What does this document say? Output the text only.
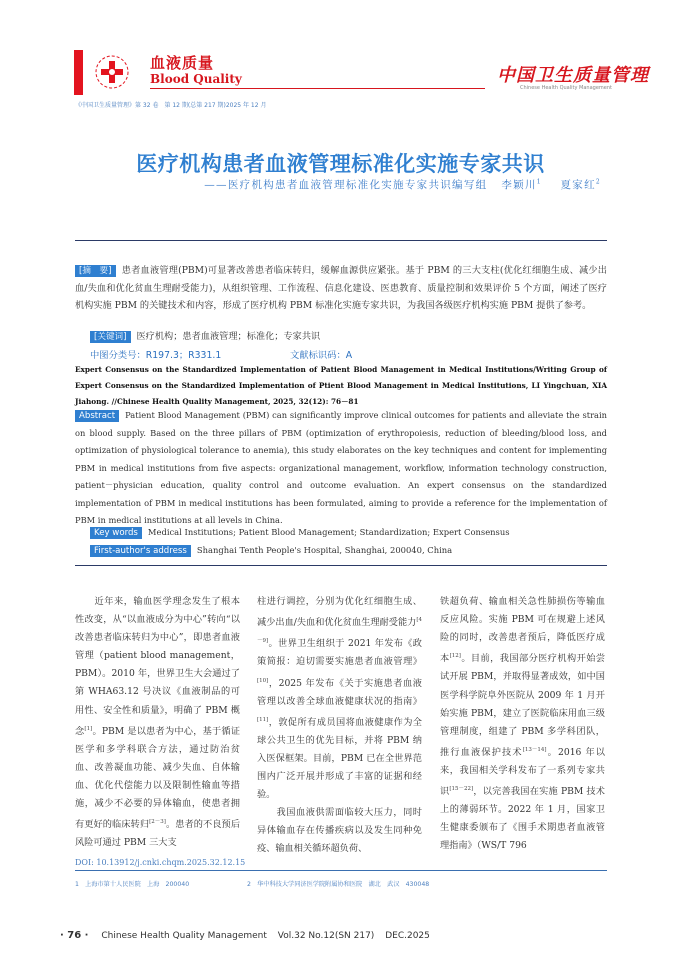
血液质量
Blood Quality	中国卫生质量管理
Chinese Health Quality Management
《中国卫生质量管理》第 32 卷　第 12 期(总第 217 期)2025 年 12 月
医疗机构患者血液管理标准化实施专家共识
——医疗机构患者血液管理标准化实施专家共识编写组 李颖川$^1$ 夏家红$^2$
[摘　要] 患者血液管理(PBM)可显著改善患者临床转归，缓解血源供应紧张。基于 PBM 的三大支柱(优化红细胞生成、减少出血/失血和优化贫血生理耐受能力)，从组织管理、工作流程、信息化建设、医患教育、质量控制和效果评价 5 个方面，阐述了医疗机构实施 PBM 的关键技术和内容，形成了医疗机构 PBM 标准化实施专家共识，为我国各级医疗机构实施 PBM 提供了参考。
[关键词] 医疗机构；患者血液管理；标准化；专家共识
中图分类号：R197.3；R331.1	文献标识码：A
Expert Consensus on the Standardized Implementation of Patient Blood Management in Medical Institutions/Writing Group of Expert Consensus on the Standardized Implementation of Ptient Blood Management in Medical Institutions, LI Yingchuan, XIA Jiahong. //Chinese Health Quality Management, 2025, 32(12): 76－81
Abstract Patient Blood Management (PBM) can significantly improve clinical outcomes for patients and alleviate the strain on blood supply. Based on the three pillars of PBM (optimization of erythropoiesis, reduction of bleeding/blood loss, and optimization of physiological tolerance to anemia), this study elaborates on the key techniques and content for implementing PBM in medical institutions from five aspects: organizational management, workflow, information technology construction, patient－physician education, quality control and outcome evaluation. An expert consensus on the standardized implementation of PBM in medical institutions has been formulated, aiming to provide a reference for the implementation of PBM in medical institutions at all levels in China.
Key words Medical Institutions; Patient Blood Management; Standardization; Expert Consensus
First-author's address Shanghai Tenth People's Hospital, Shanghai, 200040, China
　　近年来，输血医学理念发生了根本性改变，从“以血液成分为中心”转向“以改善患者临床转归为中心”，即患者血液管理（patient blood management，PBM）。2010 年，世界卫生大会通过了第 WHA63.12 号决议《血液制品的可用性、安全性和质量》，明确了 PBM 概念[1]。PBM 是以患者为中心，基于循证医学和多学科联合方法，通过防治贫血、改善凝血功能、减少失血、自体输血、优化代偿能力以及限制性输血等措施，减少不必要的异体输血，使患者拥有更好的临床转归[2－3]。患者的不良预后风险可通过 PBM 三大支
柱进行调控，分别为优化红细胞生成、减少出血/失血和优化贫血生理耐受能力[4－9]。世界卫生组织于 2021 年发布《政策简报：迫切需要实施患者血液管理》[10]，2025 年发布《关于实施患者血液管理以改善全球血液健康状况的指南》[11]，敦促所有成员国将血液健康作为全球公共卫生的优先目标，并将 PBM 纳入医保框架。目前，PBM 已在全世界范围内广泛开展并形成了丰富的证据和经验。
　　我国血液供需面临较大压力，同时异体输血存在传播疾病以及发生同种免疫、输血相关循环超负荷、
铁超负荷、输血相关急性肺损伤等输血反应风险。实施 PBM 可在规避上述风险的同时，改善患者预后，降低医疗成本[12]。目前，我国部分医疗机构开始尝试开展 PBM，并取得显著成效，如中国医学科学院阜外医院从 2009 年 1 月开始实施 PBM，建立了医院临床用血三级管理制度，组建了 PBM 多学科团队，推行血液保护技术[13－14]。2016 年以来，我国相关学科发布了一系列专家共识[15－22]，以完善我国在实施 PBM 技术上的薄弱环节。2022 年 1 月，国家卫生健康委颁布了《围手术期患者血液管理指南》（WS/T 796
DOI: 10.13912/j.cnki.chqm.2025.32.12.15
1　上海市第十人民医院　上海　200040	2　华中科技大学同济医学院附属协和医院　湖北　武汉　430048
· 76 · Chinese Health Quality Management Vol.32 No.12(SN 217) DEC.2025
